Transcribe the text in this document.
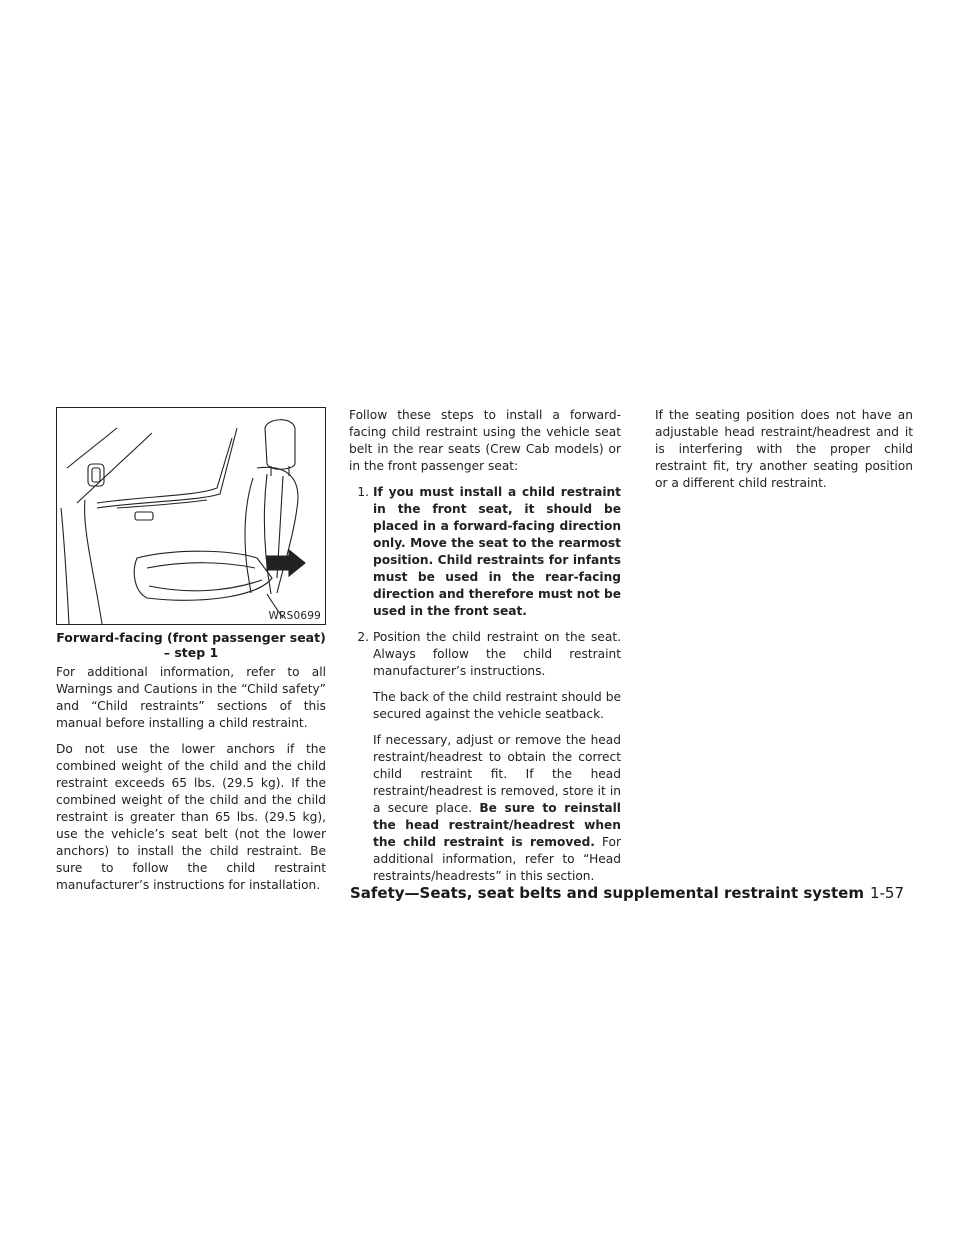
WRS0699
Forward-facing (front passenger seat) – step 1

For additional information, refer to all Warnings and Cautions in the “Child safety” and “Child restraints” sections of this manual before installing a child restraint.

Do not use the lower anchors if the combined weight of the child and the child restraint exceeds 65 lbs. (29.5 kg). If the combined weight of the child and the child restraint is greater than 65 lbs. (29.5 kg), use the vehicle’s seat belt (not the lower anchors) to install the child restraint. Be sure to follow the child restraint manufacturer’s instructions for installation.

Follow these steps to install a forward-facing child restraint using the vehicle seat belt in the rear seats (Crew Cab models) or in the front passenger seat:

1. If you must install a child restraint in the front seat, it should be placed in a forward-facing direction only. Move the seat to the rearmost position. Child restraints for infants must be used in the rear-facing direction and therefore must not be used in the front seat.
2. Position the child restraint on the seat. Always follow the child restraint manufacturer’s instructions.

The back of the child restraint should be secured against the vehicle seatback.

If necessary, adjust or remove the head restraint/headrest to obtain the correct child restraint fit. If the head restraint/headrest is removed, store it in a secure place. Be sure to reinstall the head restraint/headrest when the child restraint is removed. For additional information, refer to “Head restraints/headrests” in this section.

If the seating position does not have an adjustable head restraint/headrest and it is interfering with the proper child restraint fit, try another seating position or a different child restraint.

Safety—Seats, seat belts and supplemental restraint system 1-57
